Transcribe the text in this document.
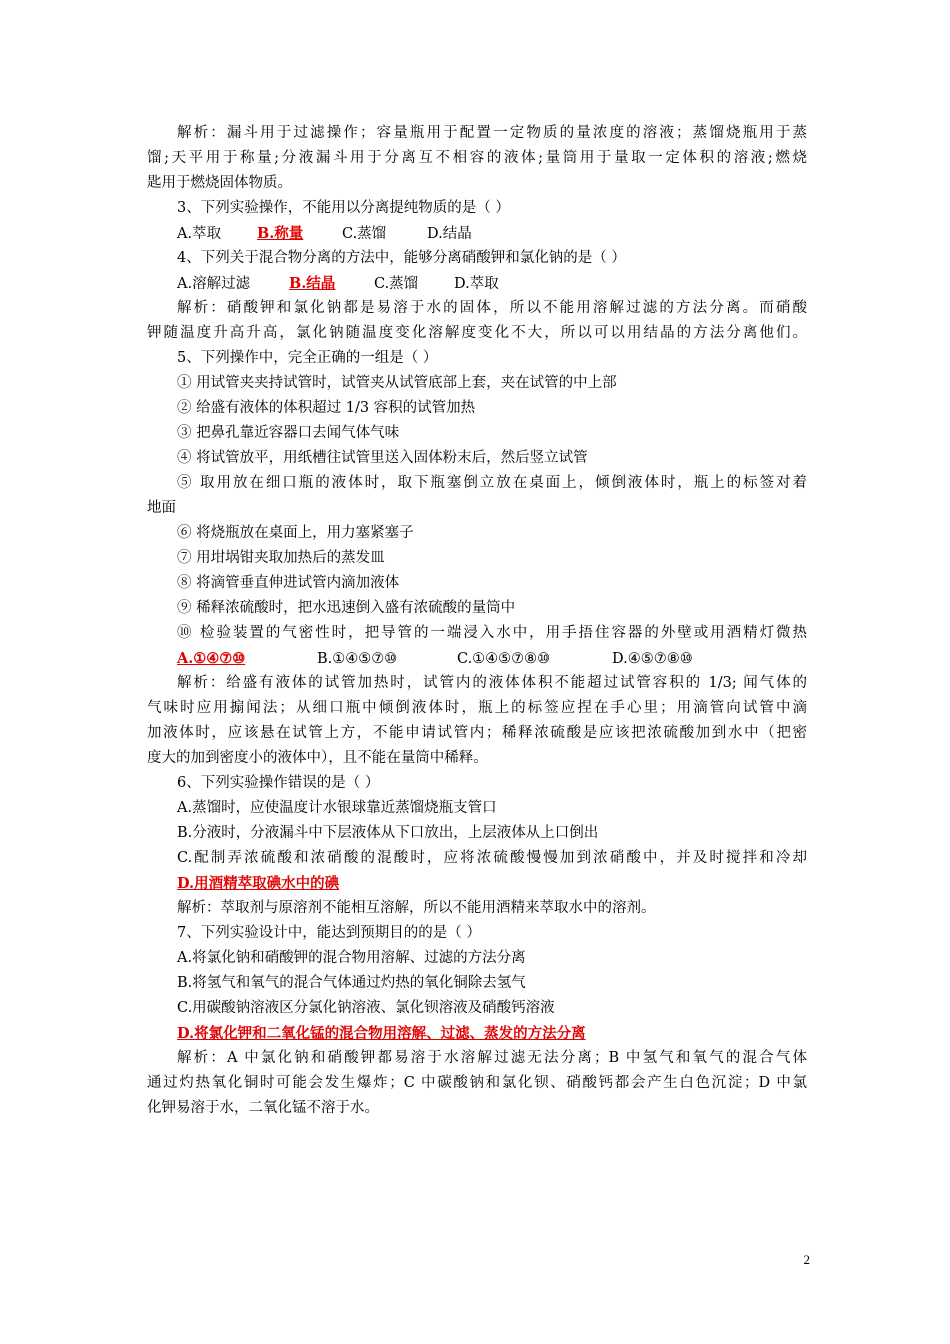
解析：漏斗用于过滤操作；容量瓶用于配置一定物质的量浓度的溶液；蒸馏烧瓶用于蒸
馏;天平用于称量;分液漏斗用于分离互不相容的液体;量筒用于量取一定体积的溶液;燃烧
匙用于燃烧固体物质。
3、下列实验操作，不能用以分离提纯物质的是（ ）
A.萃取 B.称量	C.蒸馏	D.结晶
4、下列关于混合物分离的方法中，能够分离硝酸钾和氯化钠的是（ ）
A.溶解过滤	B.结晶	C.蒸馏 D.萃取
解析：硝酸钾和氯化钠都是易溶于水的固体，所以不能用溶解过滤的方法分离。而硝酸
钾随温度升高升高，氯化钠随温度变化溶解度变化不大，所以可以用结晶的方法分离他们。
5、下列操作中，完全正确的一组是（ ）
① 用试管夹夹持试管时，试管夹从试管底部上套，夹在试管的中上部
② 给盛有液体的体积超过 1/3 容积的试管加热
③ 把鼻孔靠近容器口去闻气体气味
④ 将试管放平，用纸槽往试管里送入固体粉末后，然后竖立试管
⑤ 取用放在细口瓶的液体时，取下瓶塞倒立放在桌面上，倾倒液体时，瓶上的标签对着
地面
⑥ 将烧瓶放在桌面上，用力塞紧塞子
⑦ 用坩埚钳夹取加热后的蒸发皿
⑧ 将滴管垂直伸进试管内滴加液体
⑨ 稀释浓硫酸时，把水迅速倒入盛有浓硫酸的量筒中
⑩ 检验装置的气密性时，把导管的一端浸入水中，用手捂住容器的外壁或用酒精灯微热
A.①④⑦⑩	B.①④⑤⑦⑩	C.①④⑤⑦⑧⑩	D.④⑤⑦⑧⑩
解析：给盛有液体的试管加热时，试管内的液体体积不能超过试管容积的 1/3; 闻气体的
气味时应用搧闻法；从细口瓶中倾倒液体时，瓶上的标签应捏在手心里；用滴管向试管中滴
加液体时，应该悬在试管上方，不能申请试管内；稀释浓硫酸是应该把浓硫酸加到水中（把密
度大的加到密度小的液体中），且不能在量筒中稀释。
6、下列实验操作错误的是（ ）
A.蒸馏时，应使温度计水银球靠近蒸馏烧瓶支管口
B.分液时，分液漏斗中下层液体从下口放出，上层液体从上口倒出
C.配制弄浓硫酸和浓硝酸的混酸时，应将浓硫酸慢慢加到浓硝酸中，并及时搅拌和冷却
D.用酒精萃取碘水中的碘
解析：萃取剂与原溶剂不能相互溶解，所以不能用酒精来萃取水中的溶剂。
7、下列实验设计中，能达到预期目的的是（ ）
A.将氯化钠和硝酸钾的混合物用溶解、过滤的方法分离
B.将氢气和氧气的混合气体通过灼热的氧化铜除去氢气
C.用碳酸钠溶液区分氯化钠溶液、氯化钡溶液及硝酸钙溶液
D.将氯化钾和二氧化锰的混合物用溶解、过滤、蒸发的方法分离
解析：A 中氯化钠和硝酸钾都易溶于水溶解过滤无法分离；B 中氢气和氧气的混合气体
通过灼热氧化铜时可能会发生爆炸；C 中碳酸钠和氯化钡、硝酸钙都会产生白色沉淀；D 中氯
化钾易溶于水，二氧化锰不溶于水。
2
